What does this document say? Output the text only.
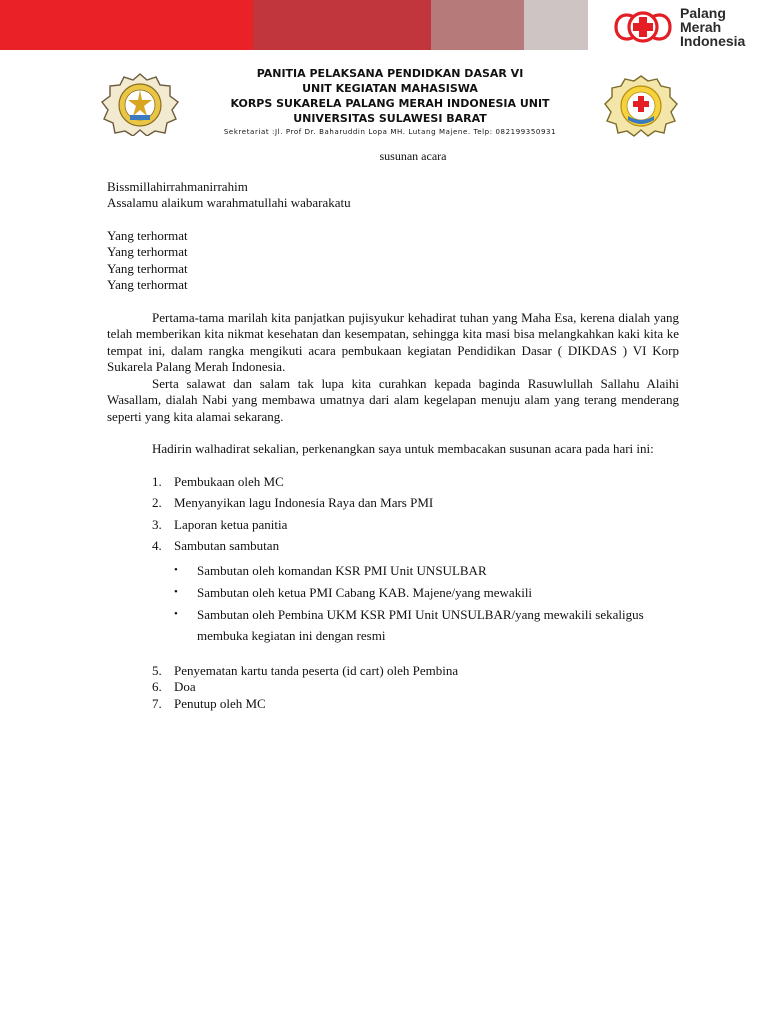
Palang
Merah
Indonesia
PANITIA PELAKSANA PENDIDKAN DASAR VI
UNIT KEGIATAN MAHASISWA
KORPS SUKARELA PALANG MERAH INDONESIA UNIT
UNIVERSITAS SULAWESI BARAT
Sekretariat :Jl. Prof Dr. Baharuddin Lopa MH. Lutang Majene. Telp: 082199350931
susunan acara
Bissmillahirrahmanirrahim
Assalamu alaikum warahmatullahi wabarakatu
Yang terhormat
Yang terhormat
Yang terhormat
Yang terhormat

Pertama-tama marilah kita panjatkan pujisyukur kehadirat tuhan yang Maha Esa, kerena dialah yang telah memberikan kita nikmat kesehatan dan kesempatan, sehingga kita masi bisa melangkahkan kaki kita ke tempat ini, dalam rangka mengikuti acara pembukaan kegiatan Pendidikan Dasar ( DIKDAS ) VI Korp Sukarela Palang Merah Indonesia.

Serta salawat dan salam tak lupa kita curahkan kepada baginda Rasuwlullah Sallahu Alaihi Wasallam, dialah Nabi yang membawa umatnya dari alam kegelapan menuju alam yang terang menderang seperti yang kita alamai sekarang.

Hadirin walhadirat sekalian, perkenangkan saya untuk membacakan susunan acara pada hari ini:

1. Pembukaan oleh MC
2. Menyanyikan lagu Indonesia Raya dan Mars PMI
3. Laporan ketua panitia
4. Sambutan sambutan
• Sambutan oleh komandan KSR PMI Unit UNSULBAR
• Sambutan oleh ketua PMI Cabang KAB. Majene/yang mewakili
• Sambutan oleh Pembina UKM KSR PMI Unit UNSULBAR/yang mewakili sekaligus membuka kegiatan ini dengan resmi
5. Penyematan kartu tanda peserta (id cart) oleh Pembina
6. Doa
7. Penutup oleh MC
